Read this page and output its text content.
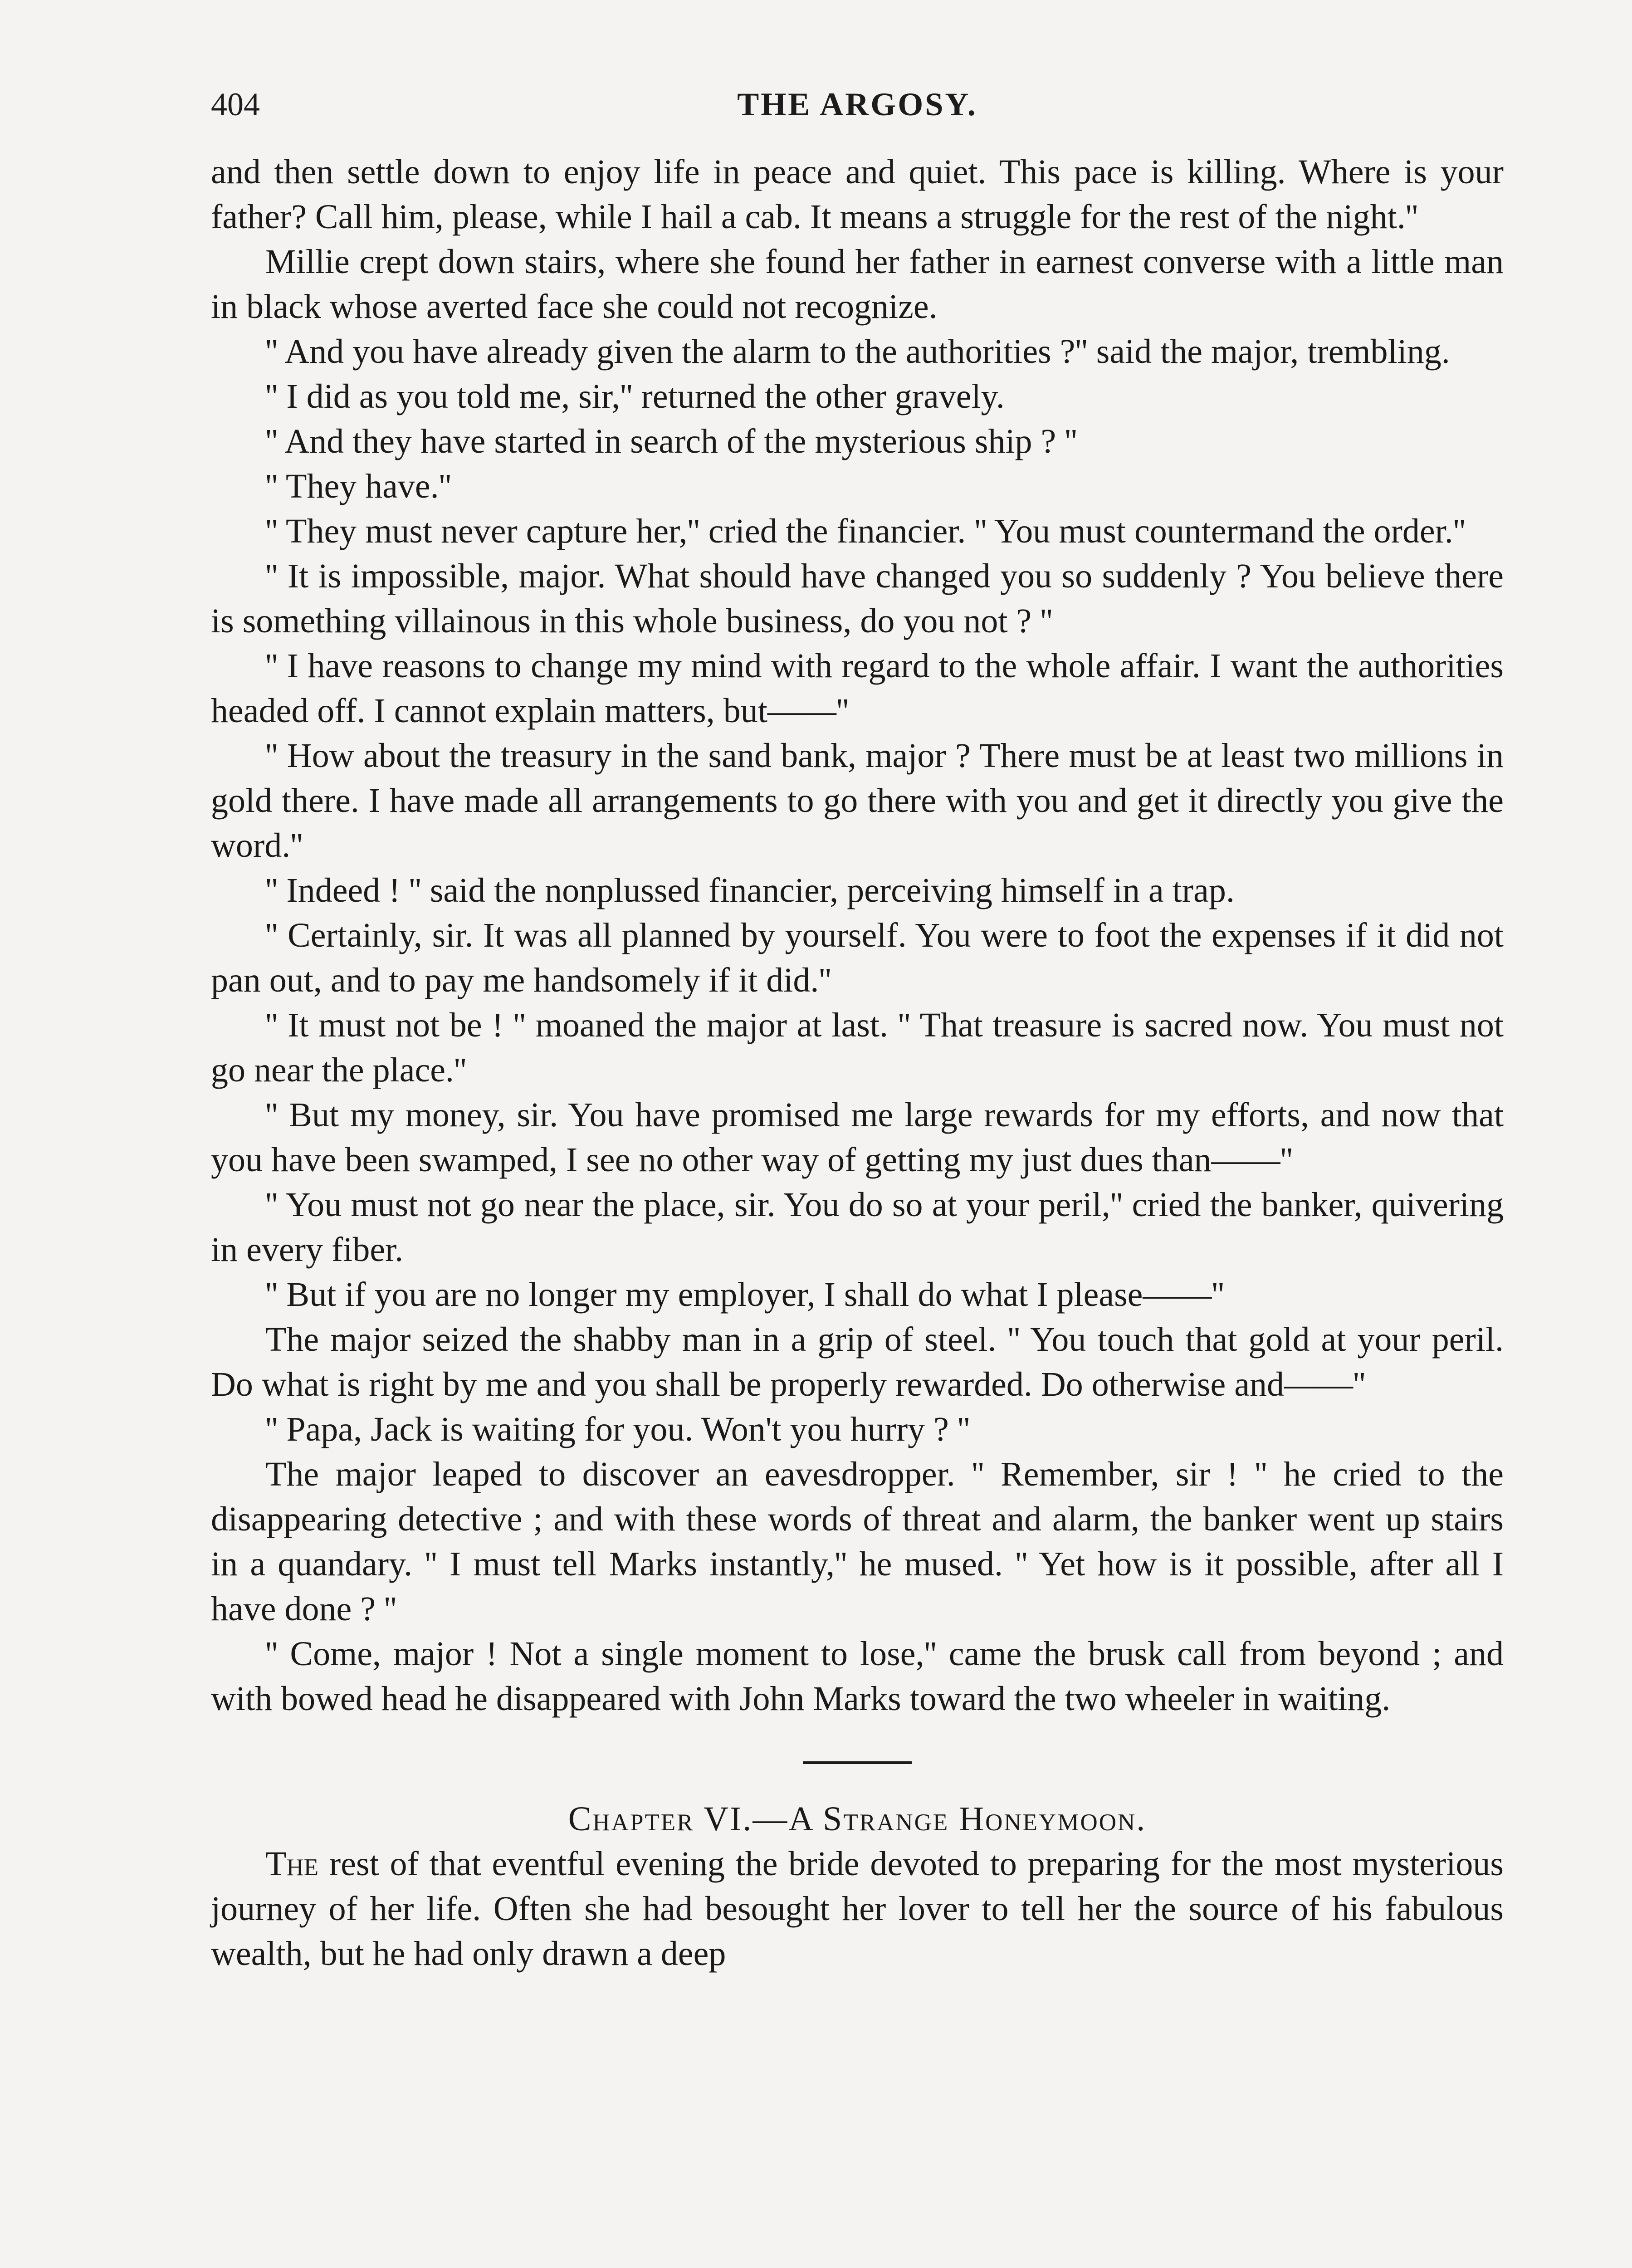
404	THE ARGOSY.

and then settle down to enjoy life in peace and quiet. This pace is killing. Where is your father? Call him, please, while I hail a cab. It means a struggle for the rest of the night.''

Millie crept down stairs, where she found her father in earnest converse with a little man in black whose averted face she could not recognize.

'' And you have already given the alarm to the authorities ?'' said the major, trembling.

'' I did as you told me, sir,'' returned the other gravely.

'' And they have started in search of the mysterious ship ? ''

'' They have.''

'' They must never capture her,'' cried the financier. '' You must countermand the order.''

'' It is impossible, major. What should have changed you so suddenly ? You believe there is something villainous in this whole business, do you not ? ''

'' I have reasons to change my mind with regard to the whole affair. I want the authorities headed off. I cannot explain matters, but——''

'' How about the treasury in the sand bank, major ? There must be at least two millions in gold there. I have made all arrangements to go there with you and get it directly you give the word.''

'' Indeed ! '' said the nonplussed financier, perceiving himself in a trap.

'' Certainly, sir. It was all planned by yourself. You were to foot the expenses if it did not pan out, and to pay me handsomely if it did.''

'' It must not be ! '' moaned the major at last. '' That treasure is sacred now. You must not go near the place.''

'' But my money, sir. You have promised me large rewards for my efforts, and now that you have been swamped, I see no other way of getting my just dues than——''

'' You must not go near the place, sir. You do so at your peril,'' cried the banker, quivering in every fiber.

'' But if you are no longer my employer, I shall do what I please——''

The major seized the shabby man in a grip of steel. '' You touch that gold at your peril. Do what is right by me and you shall be properly rewarded. Do otherwise and——''

'' Papa, Jack is waiting for you. Won't you hurry ? ''

The major leaped to discover an eavesdropper. '' Remember, sir ! '' he cried to the disappearing detective ; and with these words of threat and alarm, the banker went up stairs in a quandary. '' I must tell Marks instantly,'' he mused. '' Yet how is it possible, after all I have done ? ''

'' Come, major ! Not a single moment to lose,'' came the brusk call from beyond ; and with bowed head he disappeared with John Marks toward the two wheeler in waiting.

Chapter VI.—A Strange Honeymoon.

The rest of that eventful evening the bride devoted to preparing for the most mysterious journey of her life. Often she had besought her lover to tell her the source of his fabulous wealth, but he had only drawn a deep
